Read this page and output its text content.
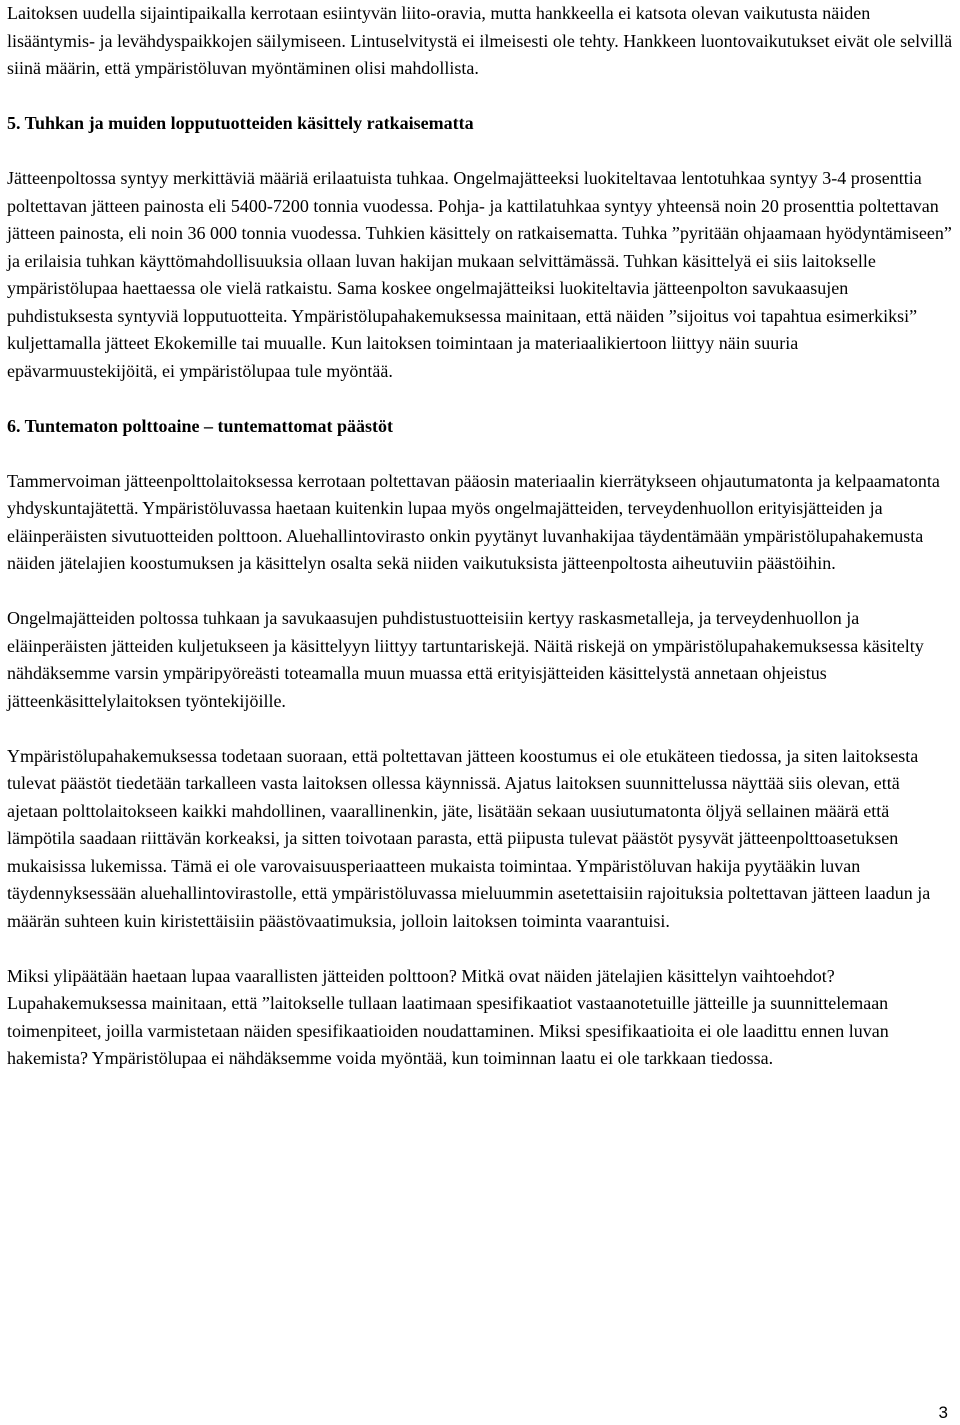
Laitoksen uudella sijaintipaikalla kerrotaan esiintyvän liito-oravia, mutta hankkeella ei katsota olevan vaikutusta näiden lisääntymis- ja levähdyspaikkojen säilymiseen. Lintuselvitystä ei ilmeisesti ole tehty. Hankkeen luontovaikutukset eivät ole selvillä siinä määrin, että ympäristöluvan myöntäminen olisi mahdollista.

5. Tuhkan ja muiden lopputuotteiden käsittely ratkaisematta

Jätteenpoltossa syntyy merkittäviä määriä erilaatuista tuhkaa. Ongelmajätteeksi luokiteltavaa lentotuhkaa syntyy 3-4 prosenttia poltettavan jätteen painosta eli 5400-7200 tonnia vuodessa. Pohja- ja kattilatuhkaa syntyy yhteensä noin 20 prosenttia poltettavan jätteen painosta, eli noin 36 000 tonnia vuodessa. Tuhkien käsittely on ratkaisematta. Tuhka ”pyritään ohjaamaan hyödyntämiseen” ja erilaisia tuhkan käyttömahdollisuuksia ollaan luvan hakijan mukaan selvittämässä. Tuhkan käsittelyä ei siis laitokselle ympäristölupaa haettaessa ole vielä ratkaistu. Sama koskee ongelmajätteiksi luokiteltavia jätteenpolton savukaasujen puhdistuksesta syntyviä lopputuotteita. Ympäristölupahakemuksessa mainitaan, että näiden ”sijoitus voi tapahtua esimerkiksi” kuljettamalla jätteet Ekokemille tai muualle. Kun laitoksen toimintaan ja materiaalikiertoon liittyy näin suuria epävarmuustekijöitä, ei ympäristölupaa tule myöntää.

6. Tuntematon polttoaine – tuntemattomat päästöt

Tammervoiman jätteenpolttolaitoksessa kerrotaan poltettavan pääosin materiaalin kierrätykseen ohjautumatonta ja kelpaamatonta yhdyskuntajätettä. Ympäristöluvassa haetaan kuitenkin lupaa myös ongelmajätteiden, terveydenhuollon erityisjätteiden ja eläinperäisten sivutuotteiden polttoon. Aluehallintovirasto onkin pyytänyt luvanhakijaa täydentämään ympäristölupahakemusta näiden jätelajien koostumuksen ja käsittelyn osalta sekä niiden vaikutuksista jätteenpoltosta aiheutuviin päästöihin.

Ongelmajätteiden poltossa tuhkaan ja savukaasujen puhdistustuotteisiin kertyy raskasmetalleja, ja terveydenhuollon ja eläinperäisten jätteiden kuljetukseen ja käsittelyyn liittyy tartuntariskejä. Näitä riskejä on ympäristölupahakemuksessa käsitelty nähdäksemme varsin ympäripyöreästi toteamalla muun muassa että erityisjätteiden käsittelystä annetaan ohjeistus jätteenkäsittelylaitoksen työntekijöille.

Ympäristölupahakemuksessa todetaan suoraan, että poltettavan jätteen koostumus ei ole etukäteen tiedossa, ja siten laitoksesta tulevat päästöt tiedetään tarkalleen vasta laitoksen ollessa käynnissä. Ajatus laitoksen suunnittelussa näyttää siis olevan, että ajetaan polttolaitokseen kaikki mahdollinen, vaarallinenkin, jäte, lisätään sekaan uusiutumatonta öljyä sellainen määrä että lämpötila saadaan riittävän korkeaksi, ja sitten toivotaan parasta, että piipusta tulevat päästöt pysyvät jätteenpolttoasetuksen mukaisissa lukemissa. Tämä ei ole varovaisuusperiaatteen mukaista toimintaa. Ympäristöluvan hakija pyytääkin luvan täydennyksessään aluehallintovirastolle, että ympäristöluvassa mieluummin asetettaisiin rajoituksia poltettavan jätteen laadun ja määrän suhteen kuin kiristettäisiin päästövaatimuksia, jolloin laitoksen toiminta vaarantuisi.

Miksi ylipäätään haetaan lupaa vaarallisten jätteiden polttoon? Mitkä ovat näiden jätelajien käsittelyn vaihtoehdot? Lupahakemuksessa mainitaan, että ”laitokselle tullaan laatimaan spesifikaatiot vastaanotetuille jätteille ja suunnittelemaan toimenpiteet, joilla varmistetaan näiden spesifikaatioiden noudattaminen. Miksi spesifikaatioita ei ole laadittu ennen luvan hakemista? Ympäristölupaa ei nähdäksemme voida myöntää, kun toiminnan laatu ei ole tarkkaan tiedossa.

3
